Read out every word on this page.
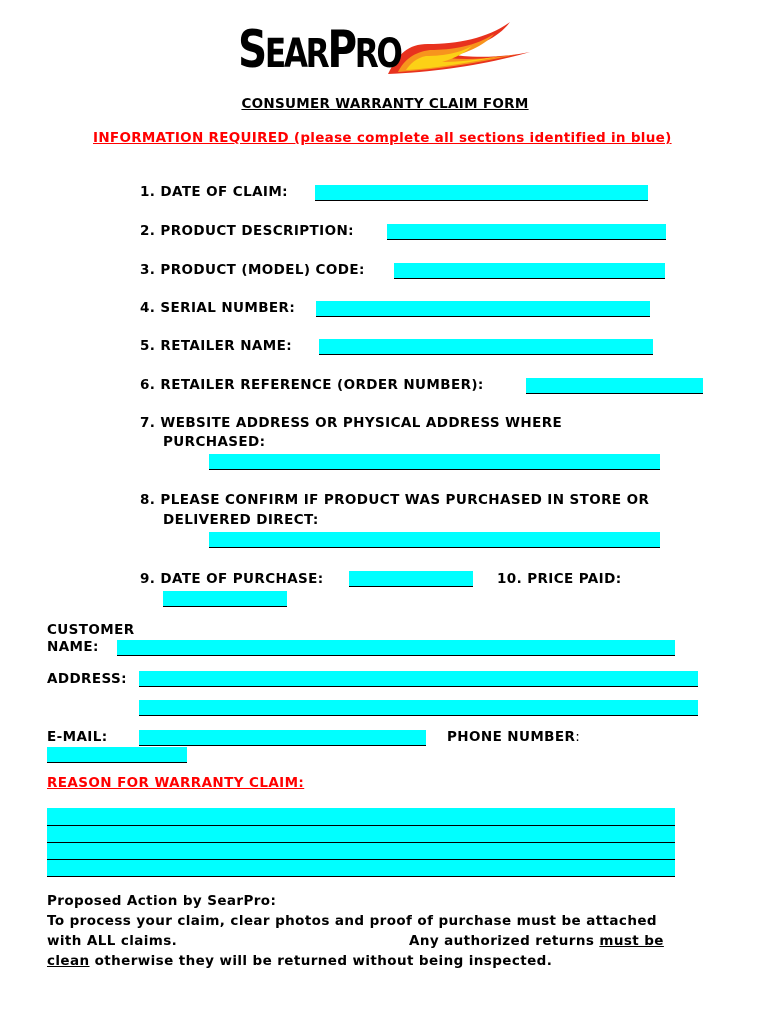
SEARPRO
CONSUMER WARRANTY CLAIM FORM
INFORMATION REQUIRED (please complete all sections identified in blue)
1. DATE OF CLAIM:
2. PRODUCT DESCRIPTION:
3. PRODUCT (MODEL) CODE:
4. SERIAL NUMBER:
5. RETAILER NAME:
6. RETAILER REFERENCE (ORDER NUMBER):
7. WEBSITE ADDRESS OR PHYSICAL ADDRESS WHERE
PURCHASED:
8. PLEASE CONFIRM IF PRODUCT WAS PURCHASED IN STORE OR
DELIVERED DIRECT:
9. DATE OF PURCHASE:	10. PRICE PAID:
CUSTOMER
NAME:
ADDRESS:
E-MAIL:	PHONE NUMBER:
REASON FOR WARRANTY CLAIM:
Proposed Action by SearPro:
To process your claim, clear photos and proof of purchase must be attached
with ALL claims.	Any authorized returns must be
clean otherwise they will be returned without being inspected.
